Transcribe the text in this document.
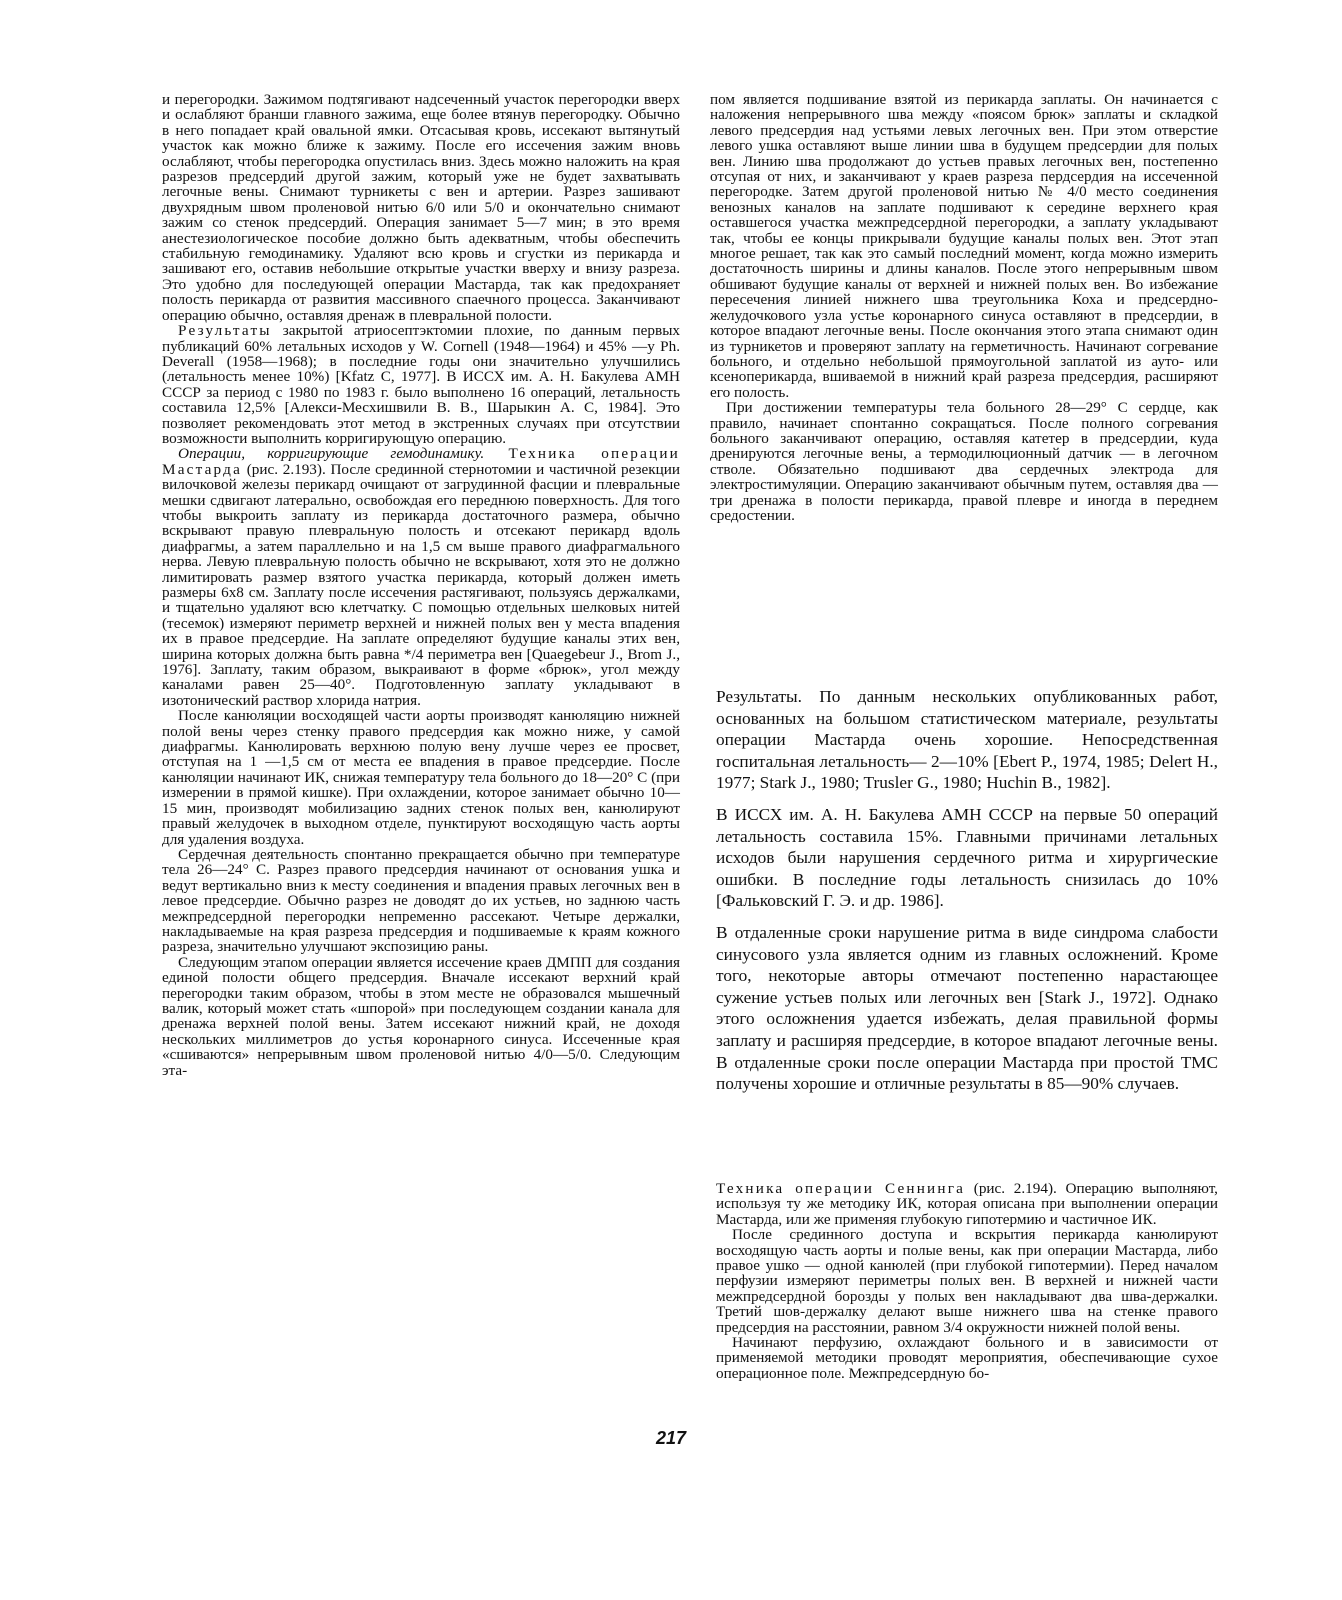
и перегородки. Зажимом подтягивают надсеченный участок перегородки вверх и ослабляют бранши главного зажима, еще более втянув перегородку. Обычно в него попадает край овальной ямки. Отсасывая кровь, иссекают вытянутый участок как можно ближе к зажиму. После его иссечения зажим вновь ослабляют, чтобы перегородка опустилась вниз. Здесь можно наложить на края разрезов предсердий другой зажим, который уже не будет захватывать легочные вены. Снимают турникеты с вен и артерии. Разрез зашивают двухрядным швом проленовой нитью 6/0 или 5/0 и окончательно снимают зажим со стенок предсердий. Операция занимает 5—7 мин; в это время анестезиологическое пособие должно быть адекватным, чтобы обеспечить стабильную гемодинамику. Удаляют всю кровь и сгустки из перикарда и зашивают его, оставив небольшие открытые участки вверху и внизу разреза. Это удобно для последующей операции Мастарда, так как предохраняет полость перикарда от развития массивного спаечного процесса. Заканчивают операцию обычно, оставляя дренаж в плевральной полости.

Результаты закрытой атриосептэктомии плохие, по данным первых публикаций 60% летальных исходов у W. Cornell (1948—1964) и 45% —у Ph. Deverall (1958—1968); в последние годы они значительно улучшились (летальность менее 10%) [Kfatz С, 1977]. В ИССХ им. А. Н. Бакулева АМН СССР за период с 1980 по 1983 г. было выполнено 16 операций, летальность составила 12,5% [Алекси-Месхишвили В. В., Шарыкин А. С, 1984]. Это позволяет рекомендовать этот метод в экстренных случаях при отсутствии возможности выполнить корригирующую операцию.

Операции, корригирующие гемодинамику. Техника операции Мастарда (рис. 2.193). После срединной стернотомии и частичной резекции вилочковой железы перикард очищают от загрудинной фасции и плевральные мешки сдвигают латерально, освобождая его переднюю поверхность. Для того чтобы выкроить заплату из перикарда достаточного размера, обычно вскрывают правую плевральную полость и отсекают перикард вдоль диафрагмы, а затем параллельно и на 1,5 см выше правого диафрагмального нерва. Левую плевральную полость обычно не вскрывают, хотя это не должно лимитировать размер взятого участка перикарда, который должен иметь размеры 6x8 см. Заплату после иссечения растягивают, пользуясь держалками, и тщательно удаляют всю клетчатку. С помощью отдельных шелковых нитей (тесемок) измеряют периметр верхней и нижней полых вен у места впадения их в правое предсердие. На заплате определяют будущие каналы этих вен, ширина которых должна быть равна */4 периметра вен [Quaegebeur J., Brom J., 1976]. Заплату, таким образом, выкраивают в форме «брюк», угол между каналами равен 25—40°. Подготовленную заплату укладывают в изотонический раствор хлорида натрия.

После канюляции восходящей части аорты производят канюляцию нижней полой вены через стенку правого предсердия как можно ниже, у самой диафрагмы. Канюлировать верхнюю полую вену лучше через ее просвет, отступая на 1 —1,5 см от места ее впадения в правое предсердие. После канюляции начинают ИК, снижая температуру тела больного до 18—20° С (при измерении в прямой кишке). При охлаждении, которое занимает обычно 10—15 мин, производят мобилизацию задних стенок полых вен, канюлируют правый желудочек в выходном отделе, пунктируют восходящую часть аорты для удаления воздуха.

Сердечная деятельность спонтанно прекращается обычно при температуре тела 26—24° С. Разрез правого предсердия начинают от основания ушка и ведут вертикально вниз к месту соединения и впадения правых легочных вен в левое предсердие. Обычно разрез не доводят до их устьев, но заднюю часть межпредсердной перегородки непременно рассекают. Четыре держалки, накладываемые на края разреза предсердия и подшиваемые к краям кожного разреза, значительно улучшают экспозицию раны.

Следующим этапом операции является иссечение краев ДМПП для создания единой полости общего предсердия. Вначале иссекают верхний край перегородки таким образом, чтобы в этом месте не образовался мышечный валик, который может стать «шпорой» при последующем создании канала для дренажа верхней полой вены. Затем иссекают нижний край, не доходя нескольких миллиметров до устья коронарного синуса. Иссеченные края «сшиваются» непрерывным швом проленовой нитью 4/0—5/0. Следующим эта-

пом является подшивание взятой из перикарда заплаты. Он начинается с наложения непрерывного шва между «поясом брюк» заплаты и складкой левого предсердия над устьями левых легочных вен. При этом отверстие левого ушка оставляют выше линии шва в будущем предсердии для полых вен. Линию шва продолжают до устьев правых легочных вен, постепенно отсупая от них, и заканчивают у краев разреза пердсердия на иссеченной перегородке. Затем другой проленовой нитью № 4/0 место соединения венозных каналов на заплате подшивают к середине верхнего края оставшегося участка межпредсердной перегородки, а заплату укладывают так, чтобы ее концы прикрывали будущие каналы полых вен. Этот этап многое решает, так как это самый последний момент, когда можно измерить достаточность ширины и длины каналов. После этого непрерывным швом обшивают будущие каналы от верхней и нижней полых вен. Во избежание пересечения линией нижнего шва треугольника Коха и предсердно-желудочкового узла устье коронарного синуса оставляют в предсердии, в которое впадают легочные вены. После окончания этого этапа снимают один из турникетов и проверяют заплату на герметичность. Начинают согревание больного, и отдельно небольшой прямоугольной заплатой из ауто- или ксеноперикарда, вшиваемой в нижний край разреза предсердия, расширяют его полость.

При достижении температуры тела больного 28—29° С сердце, как правило, начинает спонтанно сокращаться. После полного согревания больного заканчивают операцию, оставляя катетер в предсердии, куда дренируются легочные вены, а термодилюционный датчик — в легочном стволе. Обязательно подшивают два сердечных электрода для электростимуляции. Операцию заканчивают обычным путем, оставляя два — три дренажа в полости перикарда, правой плевре и иногда в переднем средостении.

Результаты. По данным нескольких опубликованных работ, основанных на большом статистическом материале, результаты операции Мастарда очень хорошие. Непосредственная госпитальная летальность— 2—10% [Ebert P., 1974, 1985; Delert H., 1977; Stark J., 1980; Trusler G., 1980; Huchin B., 1982].

В ИССХ им. А. Н. Бакулева АМН СССР на первые 50 операций летальность составила 15%. Главными причинами летальных исходов были нарушения сердечного ритма и хирургические ошибки. В последние годы летальность снизилась до 10% [Фальковский Г. Э. и др. 1986].

В отдаленные сроки нарушение ритма в виде синдрома слабости синусового узла является одним из главных осложнений. Кроме того, некоторые авторы отмечают постепенно нарастающее сужение устьев полых или легочных вен [Stark J., 1972]. Однако этого осложнения удается избежать, делая правильной формы заплату и расширяя предсердие, в которое впадают легочные вены. В отдаленные сроки после операции Мастарда при простой ТМС получены хорошие и отличные результаты в 85—90% случаев.

Техника операции Сеннинга (рис. 2.194). Операцию выполняют, используя ту же методику ИК, которая описана при выполнении операции Мастарда, или же применяя глубокую гипотермию и частичное ИК.

После срединного доступа и вскрытия перикарда канюлируют восходящую часть аорты и полые вены, как при операции Мастарда, либо правое ушко — одной канюлей (при глубокой гипотермии). Перед началом перфузии измеряют периметры полых вен. В верхней и нижней части межпредсердной борозды у полых вен накладывают два шва-держалки. Третий шов-держалку делают выше нижнего шва на стенке правого предсердия на расстоянии, равном 3/4 окружности нижней полой вены.

Начинают перфузию, охлаждают больного и в зависимости от применяемой методики проводят мероприятия, обеспечивающие сухое операционное поле. Межпредсердную бо-

217
